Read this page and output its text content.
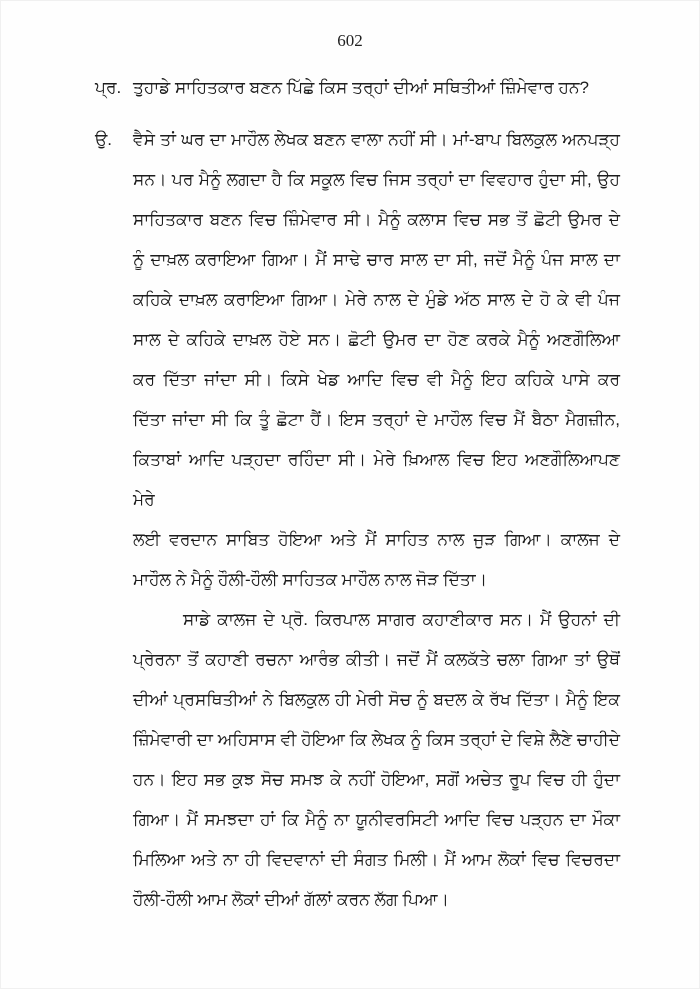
602
ਪ੍ਰ. ਤੁਹਾਡੇ ਸਾਹਿਤਕਾਰ ਬਣਨ ਪਿੱਛੇ ਕਿਸ ਤਰ੍ਹਾਂ ਦੀਆਂ ਸਥਿਤੀਆਂ ਜ਼ਿੰਮੇਵਾਰ ਹਨ?
ਉ.	ਵੈਸੇ ਤਾਂ ਘਰ ਦਾ ਮਾਹੌਲ ਲੇਖਕ ਬਣਨ ਵਾਲਾ ਨਹੀਂ ਸੀ। ਮਾਂ-ਬਾਪ ਬਿਲਕੁਲ ਅਨਪੜ੍ਹ
ਸਨ। ਪਰ ਮੈਨੂੰ ਲਗਦਾ ਹੈ ਕਿ ਸਕੂਲ ਵਿਚ ਜਿਸ ਤਰ੍ਹਾਂ ਦਾ ਵਿਵਹਾਰ ਹੁੰਦਾ ਸੀ, ਉਹ
ਸਾਹਿਤਕਾਰ ਬਣਨ ਵਿਚ ਜ਼ਿੰਮੇਵਾਰ ਸੀ। ਮੈਨੂੰ ਕਲਾਸ ਵਿਚ ਸਭ ਤੋਂ ਛੋਟੀ ਉਮਰ ਦੇ
ਨੂੰ ਦਾਖ਼ਲ ਕਰਾਇਆ ਗਿਆ। ਮੈਂ ਸਾਢੇ ਚਾਰ ਸਾਲ ਦਾ ਸੀ, ਜਦੋਂ ਮੈਨੂੰ ਪੰਜ ਸਾਲ ਦਾ
ਕਹਿਕੇ ਦਾਖ਼ਲ ਕਰਾਇਆ ਗਿਆ। ਮੇਰੇ ਨਾਲ ਦੇ ਮੁੰਡੇ ਅੱਠ ਸਾਲ ਦੇ ਹੋ ਕੇ ਵੀ ਪੰਜ
ਸਾਲ ਦੇ ਕਹਿਕੇ ਦਾਖ਼ਲ ਹੋਏ ਸਨ। ਛੋਟੀ ਉਮਰ ਦਾ ਹੋਣ ਕਰਕੇ ਮੈਨੂੰ ਅਣਗੌਲਿਆ
ਕਰ ਦਿੱਤਾ ਜਾਂਦਾ ਸੀ। ਕਿਸੇ ਖੇਡ ਆਦਿ ਵਿਚ ਵੀ ਮੈਨੂੰ ਇਹ ਕਹਿਕੇ ਪਾਸੇ ਕਰ
ਦਿੱਤਾ ਜਾਂਦਾ ਸੀ ਕਿ ਤੂੰ ਛੋਟਾ ਹੈਂ। ਇਸ ਤਰ੍ਹਾਂ ਦੇ ਮਾਹੌਲ ਵਿਚ ਮੈਂ ਬੈਠਾ ਮੈਗਜ਼ੀਨ,
ਕਿਤਾਬਾਂ ਆਦਿ ਪੜ੍ਹਦਾ ਰਹਿੰਦਾ ਸੀ। ਮੇਰੇ ਖ਼ਿਆਲ ਵਿਚ ਇਹ ਅਣਗੌਲਿਆਪਣ ਮੇਰੇ
ਲਈ ਵਰਦਾਨ ਸਾਬਿਤ ਹੋਇਆ ਅਤੇ ਮੈਂ ਸਾਹਿਤ ਨਾਲ ਜੁੜ ਗਿਆ। ਕਾਲਜ ਦੇ
ਮਾਹੌਲ ਨੇ ਮੈਨੂੰ ਹੌਲੀ-ਹੌਲੀ ਸਾਹਿਤਕ ਮਾਹੌਲ ਨਾਲ ਜੋੜ ਦਿੱਤਾ।
ਸਾਡੇ ਕਾਲਜ ਦੇ ਪ੍ਰੋ. ਕਿਰਪਾਲ ਸਾਗਰ ਕਹਾਣੀਕਾਰ ਸਨ। ਮੈਂ ਉਹਨਾਂ ਦੀ
ਪ੍ਰੇਰਨਾ ਤੋਂ ਕਹਾਣੀ ਰਚਨਾ ਆਰੰਭ ਕੀਤੀ। ਜਦੋਂ ਮੈਂ ਕਲਕੱਤੇ ਚਲਾ ਗਿਆ ਤਾਂ ਉਥੋਂ
ਦੀਆਂ ਪ੍ਰਸਥਿਤੀਆਂ ਨੇ ਬਿਲਕੁਲ ਹੀ ਮੇਰੀ ਸੋਚ ਨੂੰ ਬਦਲ ਕੇ ਰੱਖ ਦਿੱਤਾ। ਮੈਨੂੰ ਇਕ
ਜ਼ਿੰਮੇਵਾਰੀ ਦਾ ਅਹਿਸਾਸ ਵੀ ਹੋਇਆ ਕਿ ਲੇਖਕ ਨੂੰ ਕਿਸ ਤਰ੍ਹਾਂ ਦੇ ਵਿਸ਼ੇ ਲੈਣੇ ਚਾਹੀਦੇ
ਹਨ। ਇਹ ਸਭ ਕੁਝ ਸੋਚ ਸਮਝ ਕੇ ਨਹੀਂ ਹੋਇਆ, ਸਗੋਂ ਅਚੇਤ ਰੂਪ ਵਿਚ ਹੀ ਹੁੰਦਾ
ਗਿਆ। ਮੈਂ ਸਮਝਦਾ ਹਾਂ ਕਿ ਮੈਨੂੰ ਨਾ ਯੂਨੀਵਰਸਿਟੀ ਆਦਿ ਵਿਚ ਪੜ੍ਹਨ ਦਾ ਮੌਕਾ
ਮਿਲਿਆ ਅਤੇ ਨਾ ਹੀ ਵਿਦਵਾਨਾਂ ਦੀ ਸੰਗਤ ਮਿਲੀ। ਮੈਂ ਆਮ ਲੋਕਾਂ ਵਿਚ ਵਿਚਰਦਾ
ਹੌਲੀ-ਹੌਲੀ ਆਮ ਲੋਕਾਂ ਦੀਆਂ ਗੱਲਾਂ ਕਰਨ ਲੱਗ ਪਿਆ।
